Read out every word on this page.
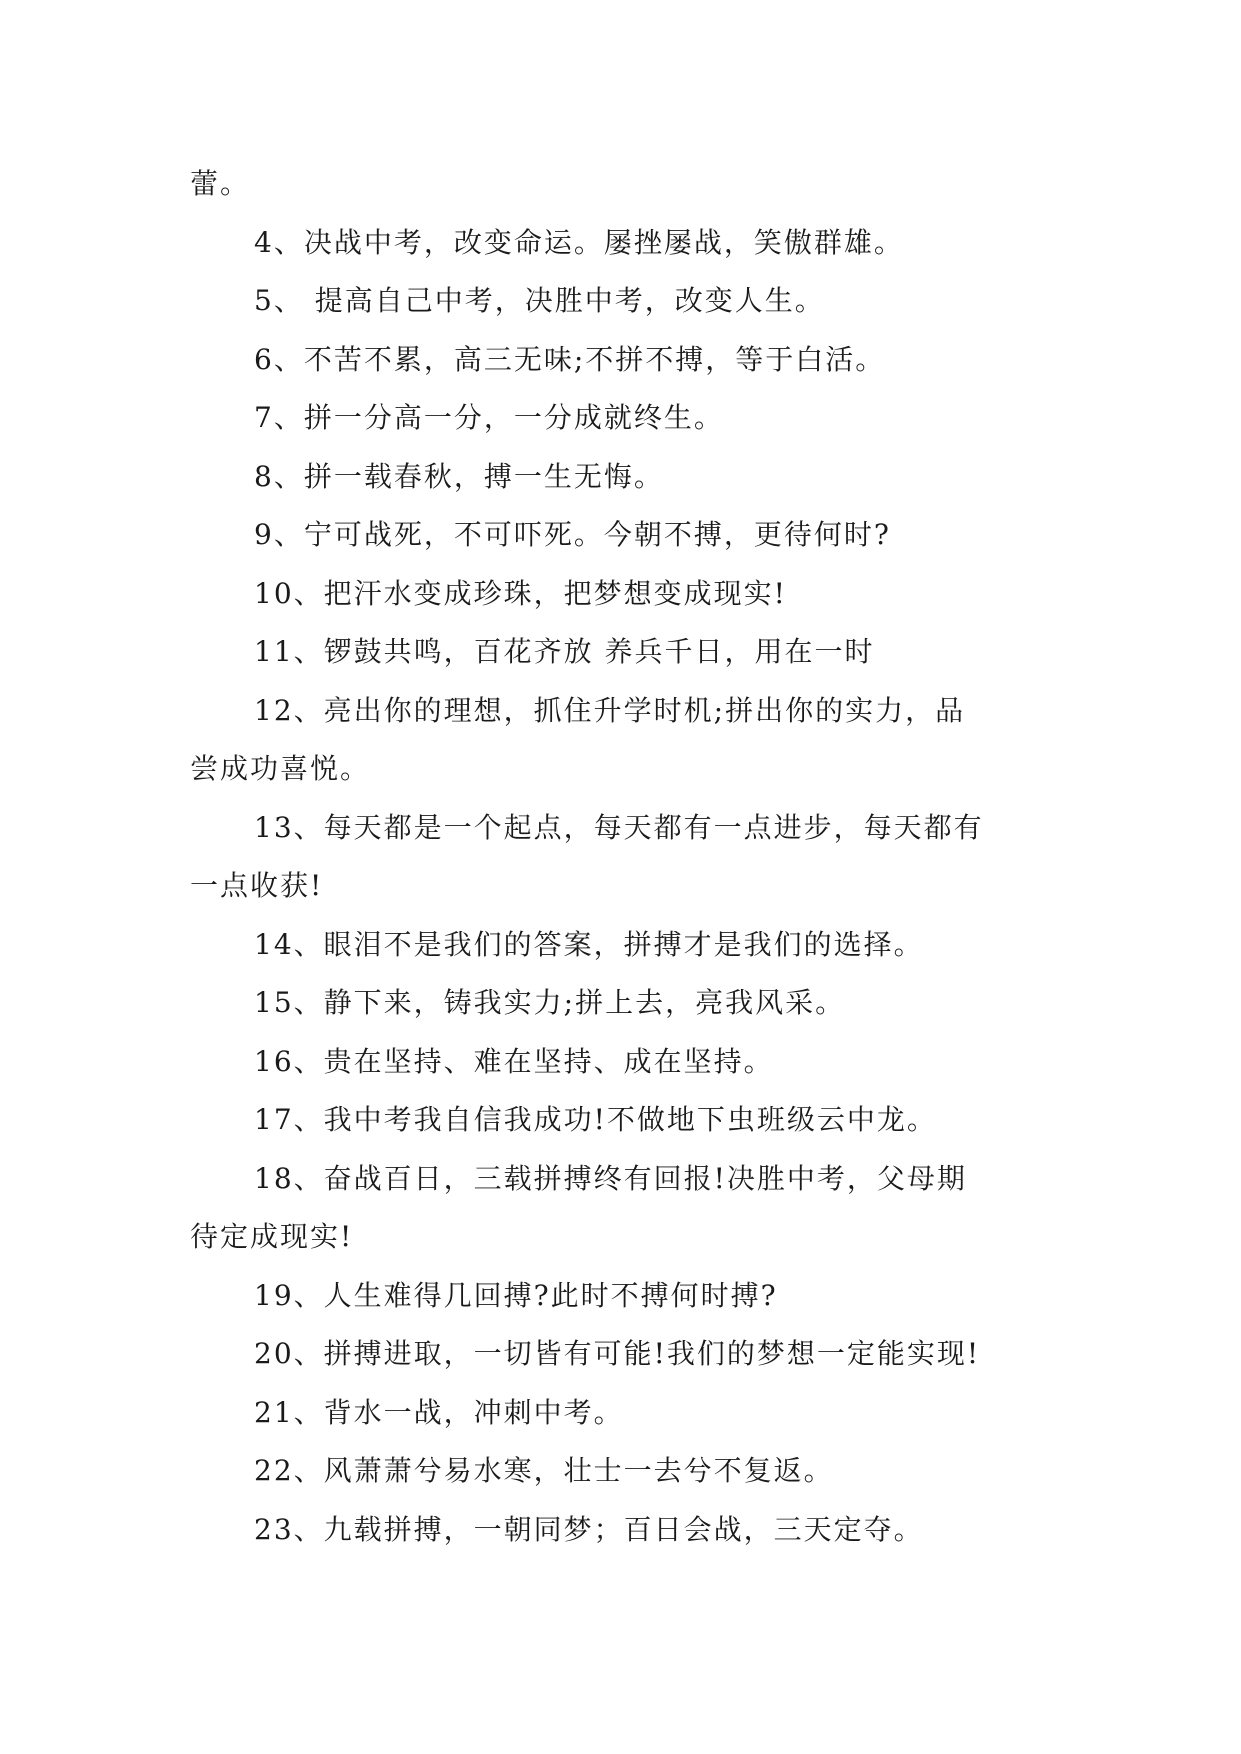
蕾。
4、决战中考，改变命运。屡挫屡战，笑傲群雄。
5、 提高自己中考，决胜中考，改变人生。
6、不苦不累，高三无味;不拼不搏，等于白活。
7、拼一分高一分，一分成就终生。
8、拼一载春秋，搏一生无悔。
9、宁可战死，不可吓死。今朝不搏，更待何时?
10、把汗水变成珍珠，把梦想变成现实!
11、锣鼓共鸣，百花齐放 养兵千日，用在一时
12、亮出你的理想，抓住升学时机;拼出你的实力，品
尝成功喜悦。
13、每天都是一个起点，每天都有一点进步，每天都有
一点收获!
14、眼泪不是我们的答案，拼搏才是我们的选择。
15、静下来，铸我实力;拼上去，亮我风采。
16、贵在坚持、难在坚持、成在坚持。
17、我中考我自信我成功!不做地下虫班级云中龙。
18、奋战百日，三载拼搏终有回报!决胜中考，父母期
待定成现实!
19、人生难得几回搏?此时不搏何时搏?
20、拼搏进取，一切皆有可能!我们的梦想一定能实现!
21、背水一战，冲刺中考。
22、风萧萧兮易水寒，壮士一去兮不复返。
23、九载拼搏，一朝同梦；百日会战，三天定夺。
